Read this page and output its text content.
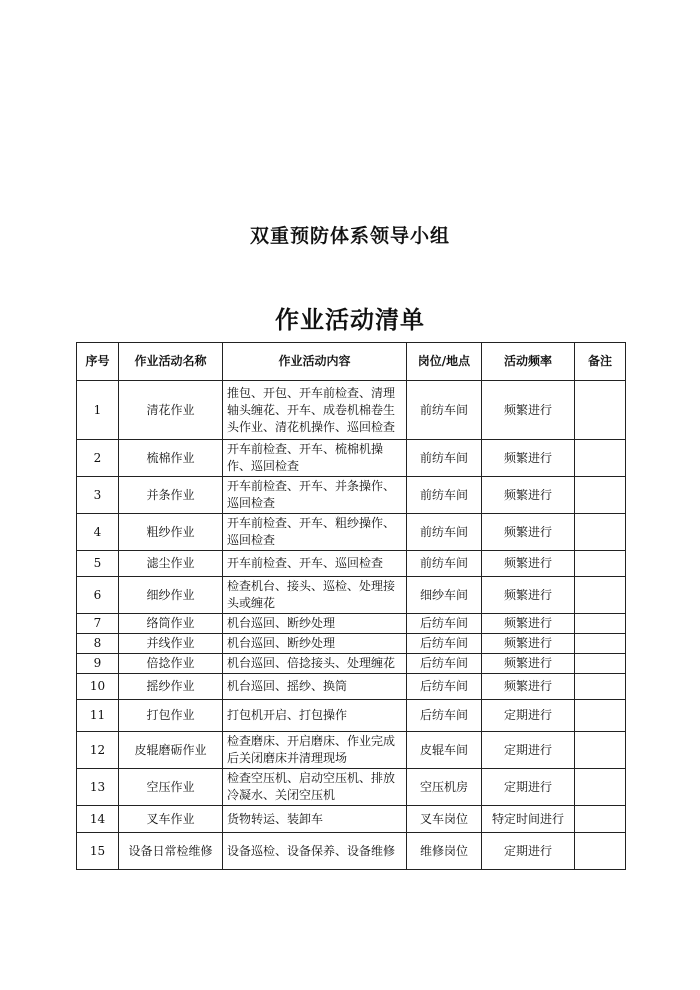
双重预防体系领导小组
作业活动清单
序号	作业活动名称	作业活动内容	岗位/地点	活动频率	备注
1	清花作业	推包、开包、开车前检查、清理轴头缠花、开车、成卷机棉卷生头作业、清花机操作、巡回检查	前纺车间	频繁进行	
2	梳棉作业	开车前检查、开车、梳棉机操作、巡回检查	前纺车间	频繁进行	
3	并条作业	开车前检查、开车、并条操作、巡回检查	前纺车间	频繁进行	
4	粗纱作业	开车前检查、开车、粗纱操作、巡回检查	前纺车间	频繁进行	
5	滤尘作业	开车前检查、开车、巡回检查	前纺车间	频繁进行	
6	细纱作业	检查机台、接头、巡检、处理接头或缠花	细纱车间	频繁进行	
7	络筒作业	机台巡回、断纱处理	后纺车间	频繁进行	
8	并线作业	机台巡回、断纱处理	后纺车间	频繁进行	
9	倍捻作业	机台巡回、倍捻接头、处理缠花	后纺车间	频繁进行	
10	摇纱作业	机台巡回、摇纱、换筒	后纺车间	频繁进行	
11	打包作业	打包机开启、打包操作	后纺车间	定期进行	
12	皮辊磨砺作业	检查磨床、开启磨床、作业完成后关闭磨床并清理现场	皮辊车间	定期进行	
13	空压作业	检查空压机、启动空压机、排放冷凝水、关闭空压机	空压机房	定期进行	
14	叉车作业	货物转运、装卸车	叉车岗位	特定时间进行	
15	设备日常检维修	设备巡检、设备保养、设备维修	维修岗位	定期进行	
